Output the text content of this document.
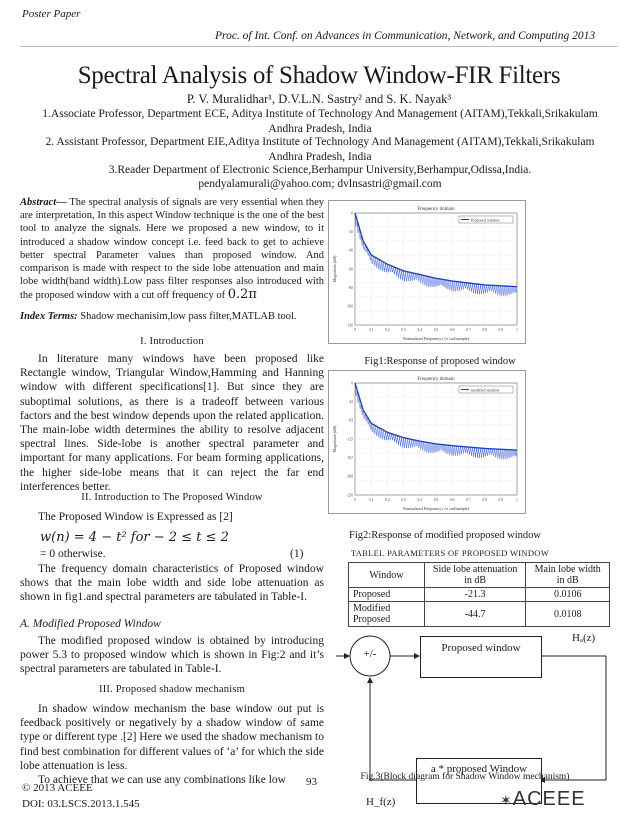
Poster Paper
Proc. of Int. Conf. on Advances in Communication, Network, and Computing 2013
Spectral Analysis of Shadow Window-FIR Filters
P. V. Muralidhar¹, D.V.L.N. Sastry² and S. K. Nayak³
1.Associate Professor, Department ECE, Aditya Institute of Technology And Management (AITAM),Tekkali,Srikakulam Andhra Pradesh, India
2. Assistant Professor, Department EIE,Aditya Institute of Technology And Management (AITAM),Tekkali,Srikakulam Andhra Pradesh, India
3.Reader Department of Electronic Science,Berhampur University,Berhampur,Odissa,India.
pendyalamurali@yahoo.com; dvlnsastri@gmail.com
Abstract— The spectral analysis of signals are very essential when they are interpretation, In this aspect Window technique is the one of the best tool to analyze the signals. Here we proposed a new window, to it introduced a shadow window concept i.e. feed back to get to achieve better spectral Parameter values than proposed window. And comparison is made with respect to the side lobe attenuation and main lobe width(band width).Low pass filter responses also introduced with the proposed window with a cut off frequency of 0.2π
Index Terms: Shadow mechanisim,low pass filter,MATLAB tool.
I. Introduction

In literature many windows have been proposed like Rectangle window, Triangular Window,Hamming and Hanning window with different specifications[1]. But since they are suboptimal solutions, as there is a tradeoff between various factors and the best window depends upon the related application. The main-lobe width determines the ability to resolve adjacent spectral lines. Side-lobe is another spectral parameter and important for many applications. For beam forming applications, the higher side-lobe means that it can reject the far end interferences better.

II. Introduction to The Proposed Window

The Proposed Window is Expressed as [2]

w(n) = 4 − t² for − 2 ≤ t ≤ 2
= 0 otherwise.	(1)

The frequency domain characteristics of Proposed window shows that the main lobe width and side lobe attenuation as shown in fig1.and spectral parameters are tabulated in Table-I.

A. Modified Proposed Window

The modified proposed window is obtained by introducing power 5.3 to proposed window which is shown in Fig:2 and it’s spectral parameters are tabulated in Table-I.

III. Proposed shadow mechanism

In shadow window mechanism the base window out put is feedback positively or negatively by a shadow window of same type or different type .[2] Here we used the shadow mechanism to find best combination for different values of ‘a’ for which the side lobe attenuation is less.

To achieve that we can use any combinations like low

Frequency domain
Proposed window
Normalized Frequency (×π rad/sample)
Magnitude (dB)
0	0.1	0.2	0.3	0.4	0.5	0.6	0.7	0.8	0.9	1
0
-20
-40
-60
-80
-100
-120
Fig1:Response of proposed window
Frequency domain
modified window
Normalized Frequency (×π rad/sample)
Magnitude (dB)
0	0.1	0.2	0.3	0.4	0.5	0.6	0.7	0.8	0.9	1
0
-42
-83
-125
-167
-208
-250
Fig2:Response of modified proposed window
TABLEI. PARAMETERS OF PROPOSED WINDOW
Window	Side lobe attenuation in dB	Main lobe width in dB
Proposed	-21.3	0.0106
Modified Proposed	-44.7	0.0108
+/-	Proposed window
Hₐ(z)
a * proposed Window
H_f(z)
© 2013 ACEEE
DOI: 03.LSCS.2013.1.545
93	Fig.3(Block diagram for Shadow Window mechanism)
✶ACEEE
